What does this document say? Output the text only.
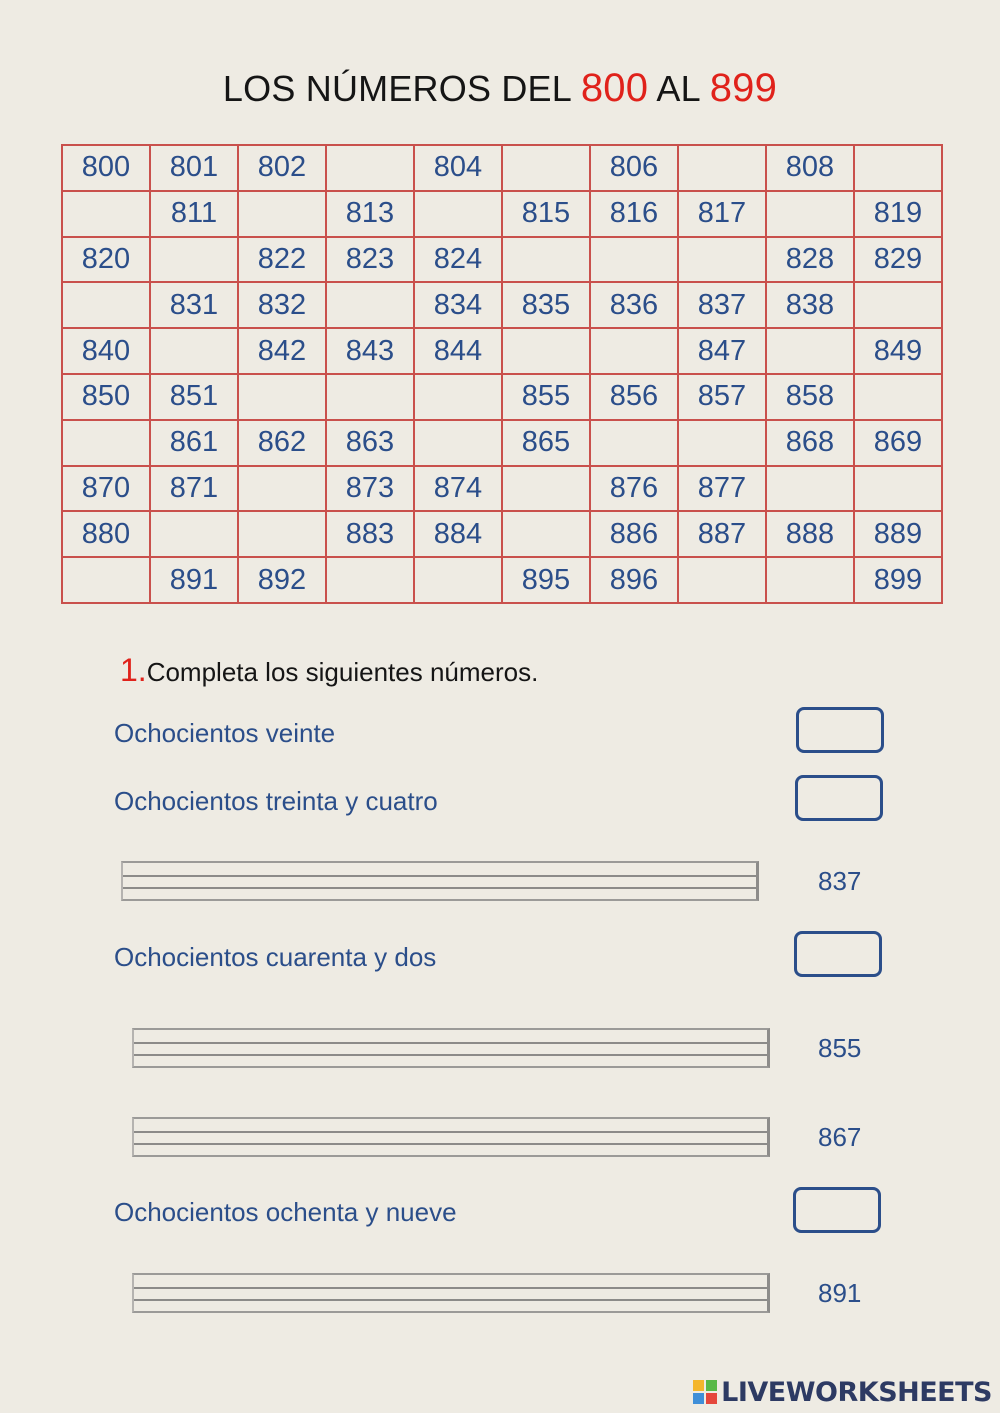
LOS NÚMEROS DEL 800 AL 899
800	801	802		804		806		808	
	811		813		815	816	817		819
820		822	823	824				828	829
	831	832		834	835	836	837	838	
840		842	843	844			847		849
850	851				855	856	857	858	
	861	862	863		865			868	869
870	871		873	874		876	877		
880			883	884		886	887	888	889
	891	892			895	896			899
1.Completa los siguientes números.
Ochocientos veinte
Ochocientos treinta y cuatro
837
Ochocientos cuarenta y dos
855
867
Ochocientos ochenta y nueve
891
LIVEWORKSHEETS
